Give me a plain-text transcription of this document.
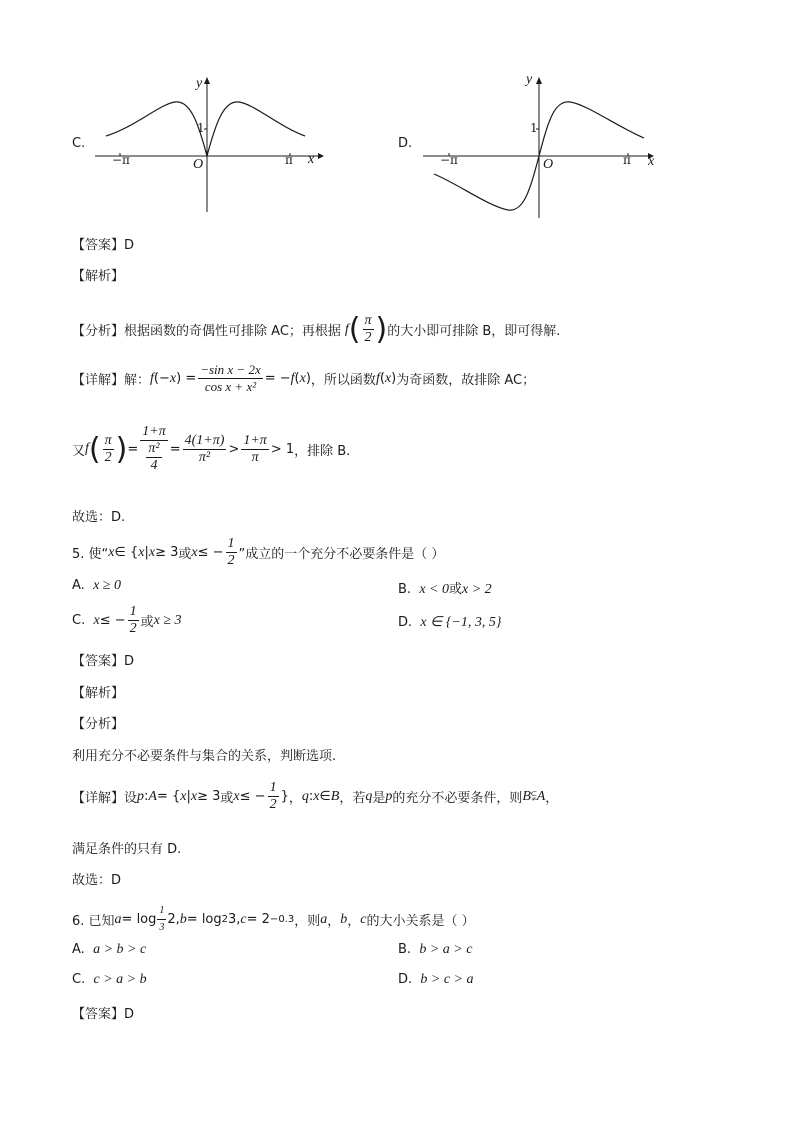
C.
y
x
O
1
−π	π
D.
y
x
O
1
−π	π
【答案】D
【解析】
【分析】 根据函数的奇偶性可排除 AC；再根据 f ( $\frac{\pi}{2}$ ) 的大小即可排除 B，即可得解.
【详解】 解： f (− x ) = $\frac{\text{−sin x − 2x}}{\text{cos x + x²}}$ = − f ( x ) ，所以函数 f ( x ) 为奇函数，故排除 AC；
又 f ( $\frac{\pi}{2}$ ) = $\frac{1+\pi}{\frac{\text{π²}}{4}} = \frac{4(1+\pi)}{\text{π²}} > \frac{1+\pi}{\pi} > 1$ ，排除 B.
故选：D.
5. 使“ x ∈ { x | x ≥ 3 或 x ≤ − $\frac{1}{2}$ ”成立的一个充分不必要条件是（ ）
A. x ≥ 0	B. x < 0或x > 2
C.
x ≤ − $\frac{1}{2}$ 或 x ≥ 3	D. x ∈ {−1, 3, 5}
【答案】D
【解析】
【分析】
利用充分不必要条件与集合的关系，判断选项.
【详解】 设 p : A = { x | x ≥ 3 或 x ≤ − $\frac{1}{2}$ } ， q : x ∈ B ，若 q 是 p 的充分不必要条件，则 B ⫋ A ，
满足条件的只有 D.
故选：D
6. 已知 $a = \log \frac{1}{3} 2$, b = log 2 3, c = 2 −0.3 ，则 a ， b ， c 的大小关系是（ ）
A. a > b > c	B. b > a > c
C. c > a > b	D. b > c > a
【答案】D
